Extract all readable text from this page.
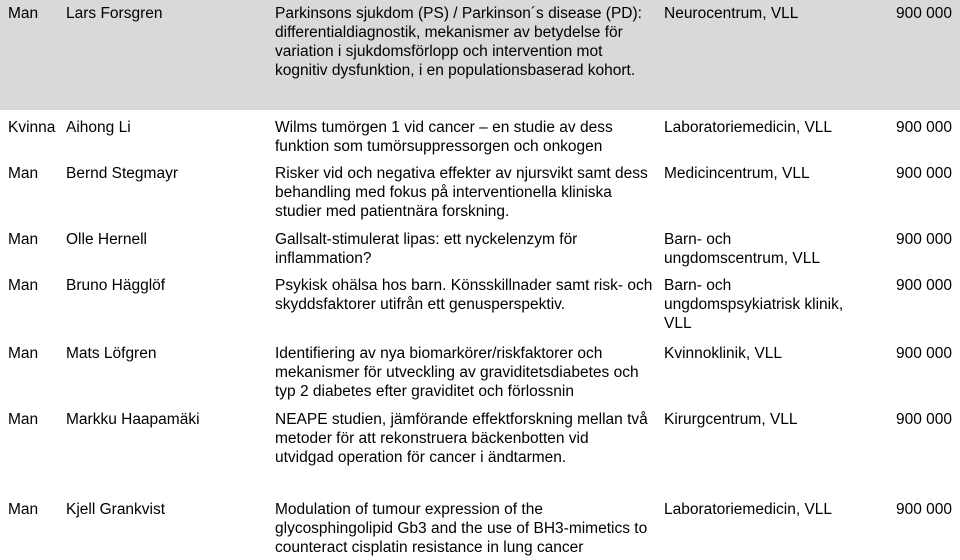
Man Lars Forsgren	Parkinsons sjukdom (PS) / Parkinson´s disease (PD):
differentialdiagnostik, mekanismer av betydelse för
variation i sjukdomsförlopp och intervention mot
kognitiv dysfunktion, i en populationsbaserad kohort.
Neurocentrum, VLL	900 000
Kvinna Aihong Li	Wilms tumörgen 1 vid cancer – en studie av dess
funktion som tumörsuppressorgen och onkogen
Laboratoriemedicin, VLL	900 000
Man Bernd Stegmayr	Risker vid och negativa effekter av njursvikt samt dess
behandling med fokus på interventionella kliniska
studier med patientnära forskning.
Medicincentrum, VLL	900 000
Man Olle Hernell	Gallsalt-stimulerat lipas: ett nyckelenzym för
inflammation?
Barn- och
ungdomscentrum, VLL
900 000
Man Bruno Hägglöf	Psykisk ohälsa hos barn. Könsskillnader samt risk- och
skyddsfaktorer utifrån ett genusperspektiv.
Barn- och
ungdomspsykiatrisk klinik,
VLL
900 000
Man Mats Löfgren	Identifiering av nya biomarkörer/riskfaktorer och
mekanismer för utveckling av graviditetsdiabetes och
typ 2 diabetes efter graviditet och förlossnin
Kvinnoklinik, VLL	900 000
Man Markku Haapamäki	NEAPE studien, jämförande effektforskning mellan två
metoder för att rekonstruera bäckenbotten vid
utvidgad operation för cancer i ändtarmen.
Kirurgcentrum, VLL	900 000
Man Kjell Grankvist	Modulation of tumour expression of the
glycosphingolipid Gb3 and the use of BH3-mimetics to
counteract cisplatin resistance in lung cancer
Laboratoriemedicin, VLL	900 000
